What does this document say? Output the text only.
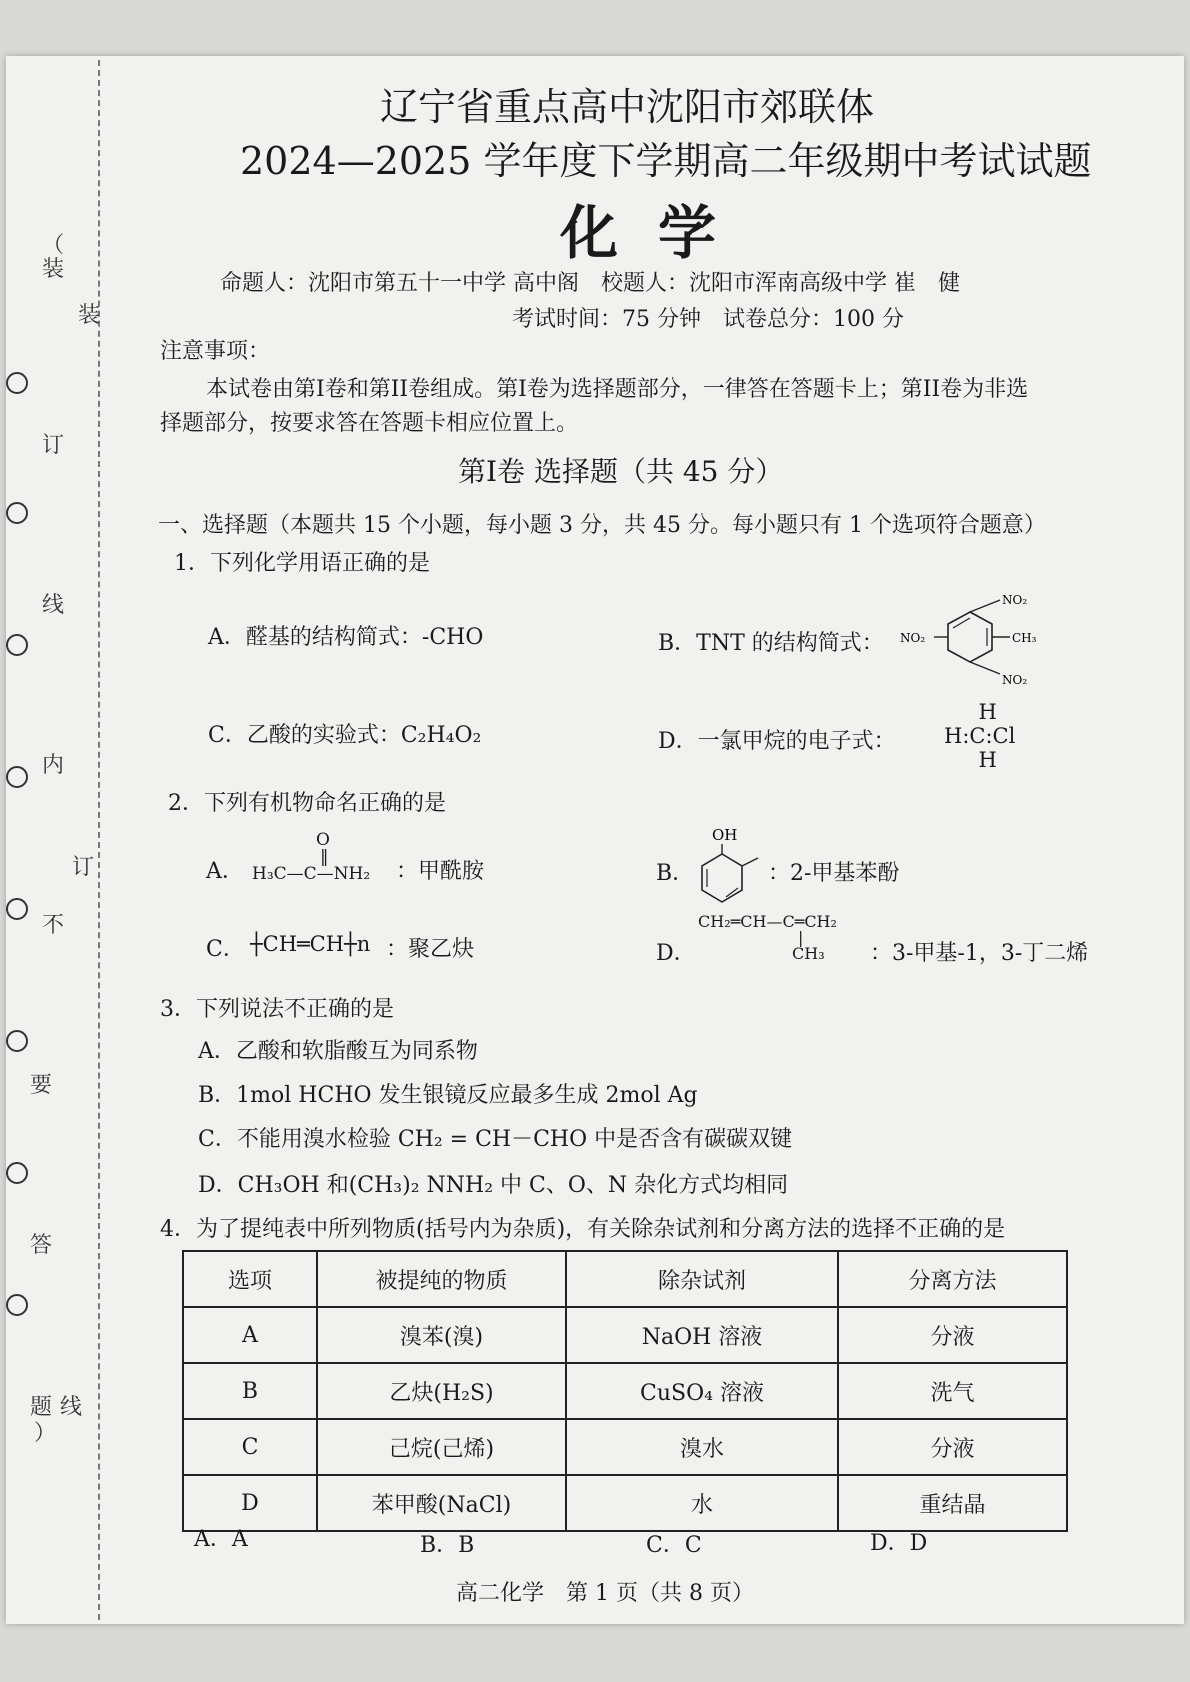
（
装
装
订
线
内
订
不
要
答
题 线
）
辽宁省重点高中沈阳市郊联体
2024—2025 学年度下学期高二年级期中考试试题
化学
命题人：沈阳市第五十一中学 高中阁　校题人：沈阳市浑南高级中学 崔　健
考试时间：75 分钟　试卷总分：100 分
注意事项：
本试卷由第I卷和第II卷组成。第I卷为选择题部分，一律答在答题卡上；第II卷为非选
择题部分，按要求答在答题卡相应位置上。
第I卷 选择题（共 45 分）
一、选择题（本题共 15 个小题，每小题 3 分，共 45 分。每小题只有 1 个选项符合题意）
1．下列化学用语正确的是
A．醛基的结构简式：-CHO	B．TNT 的结构简式：
NO₂
NO₂
NO₂
CH₃
C．乙酸的实验式：C₂H₄O₂	D．一氯甲烷的电子式：
H
H:C:Cl
H
2．下列有机物命名正确的是
A．
O
‖
H₃C—C—NH₂ ：甲酰胺	B．
OH
：2-甲基苯酚
C． ┼CH═CH┼n ：聚乙炔	D．
CH₂═CH—C═CH₂
|
CH₃	：3-甲基-1，3-丁二烯
3．下列说法不正确的是
A．乙酸和软脂酸互为同系物
B．1mol HCHO 发生银镜反应最多生成 2mol Ag
C．不能用溴水检验 CH₂ = CH－CHO 中是否含有碳碳双键
D．CH₃OH 和(CH₃)₂ NNH₂ 中 C、O、N 杂化方式均相同
4．为了提纯表中所列物质(括号内为杂质)，有关除杂试剂和分离方法的选择不正确的是
选项	被提纯的物质	除杂试剂	分离方法
A	溴苯(溴)	NaOH 溶液	分液
B	乙炔(H₂S)	CuSO₄ 溶液	洗气
C	己烷(己烯)	溴水	分液
D	苯甲酸(NaCl)	水	重结晶
A．A	B．B	C．C	D．D
高二化学　第 1 页（共 8 页）
